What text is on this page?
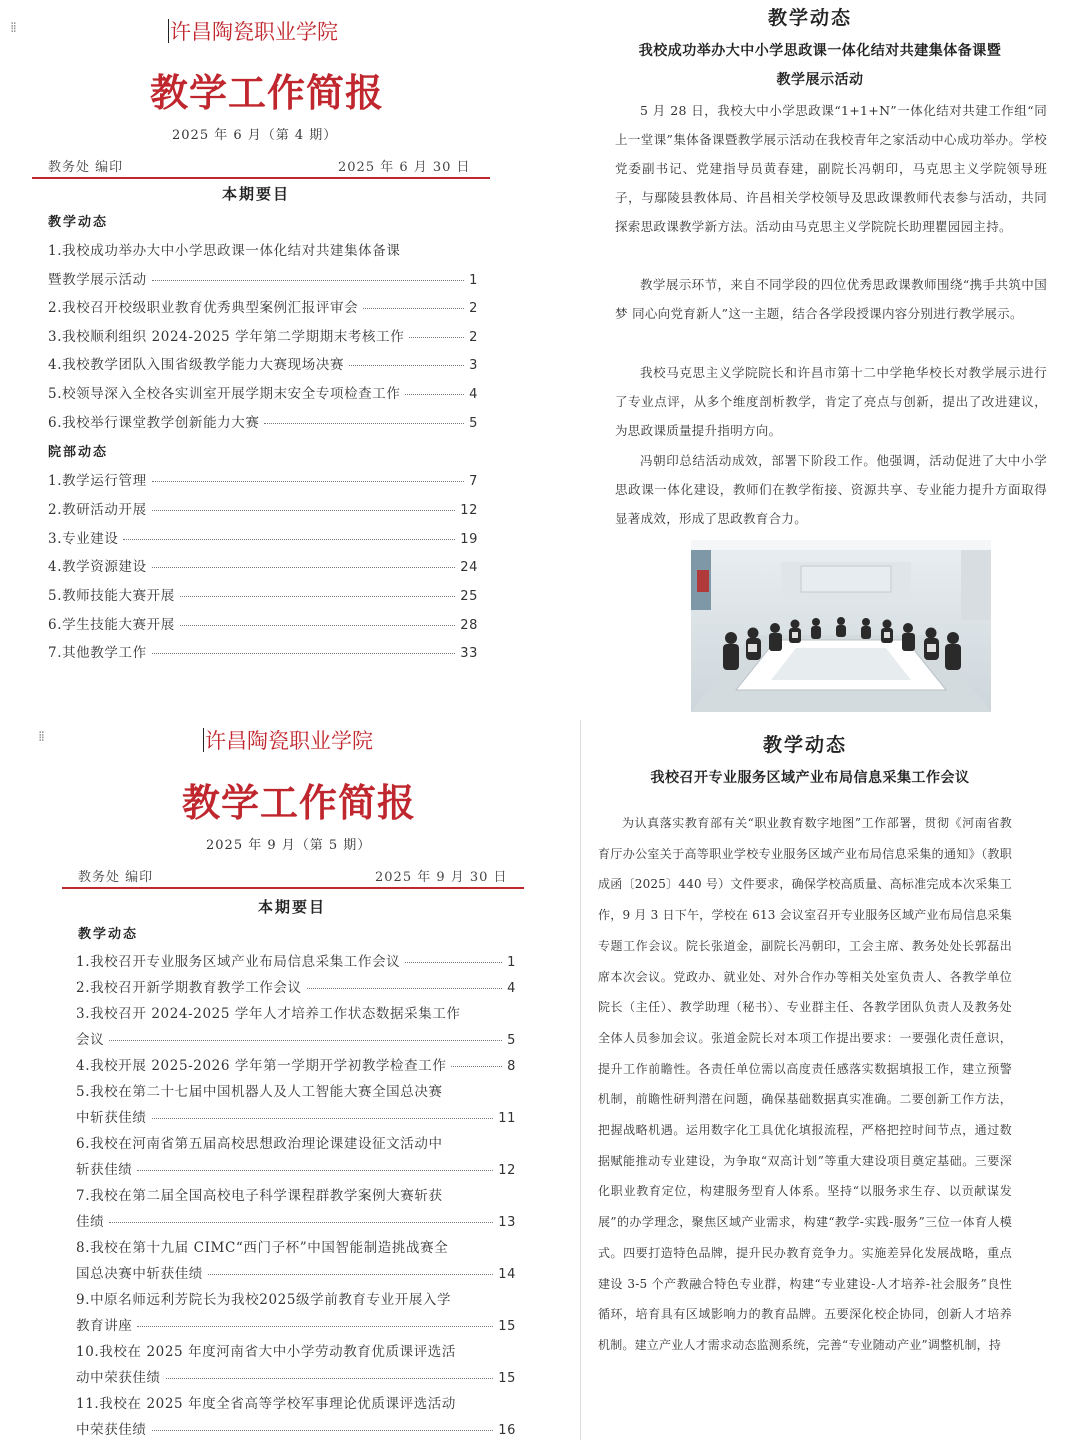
⁞⁞	许昌陶瓷职业学院
教学工作简报
2025 年 6 月（第 4 期）
教务处 编印	2025 年 6 月 30 日
本期要目
教学动态
1.我校成功举办大中小学思政课一体化结对共建集体备课
暨教学展示活动	1
2.我校召开校级职业教育优秀典型案例汇报评审会	2
3.我校顺利组织 2024-2025 学年第二学期期末考核工作	2
4.我校教学团队入围省级教学能力大赛现场决赛	3
5.校领导深入全校各实训室开展学期末安全专项检查工作	4
6.我校举行课堂教学创新能力大赛	5
院部动态
1.教学运行管理	7
2.教研活动开展	12
3.专业建设	19
4.教学资源建设	24
5.教师技能大赛开展	25
6.学生技能大赛开展	28
7.其他教学工作	33
教学动态
我校成功举办大中小学思政课一体化结对共建集体备课暨
教学展示活动
5 月 28 日，我校大中小学思政课“1+1+N”一体化结对共建工作组“同上一堂课”集体备课暨教学展示活动在我校青年之家活动中心成功举办。学校党委副书记、党建指导员黄春建，副院长冯朝印，马克思主义学院领导班子，与鄢陵县教体局、许昌相关学校领导及思政课教师代表参与活动，共同探索思政课教学新方法。活动由马克思主义学院院长助理瞿园园主持。
教学展示环节，来自不同学段的四位优秀思政课教师围绕“携手共筑中国梦 同心向党育新人”这一主题，结合各学段授课内容分别进行教学展示。
我校马克思主义学院院长和许昌市第十二中学艳华校长对教学展示进行了专业点评，从多个维度剖析教学，肯定了亮点与创新，提出了改进建议，为思政课质量提升指明方向。
冯朝印总结活动成效，部署下阶段工作。他强调，活动促进了大中小学思政课一体化建设，教师们在教学衔接、资源共享、专业能力提升方面取得显著成效，形成了思政教育合力。
⁞⁞	许昌陶瓷职业学院
教学工作简报
2025 年 9 月（第 5 期）
教务处 编印	2025 年 9 月 30 日
本期要目
教学动态
1.我校召开专业服务区域产业布局信息采集工作会议	1
2.我校召开新学期教育教学工作会议	4
3.我校召开 2024-2025 学年人才培养工作状态数据采集工作
会议	5
4.我校开展 2025-2026 学年第一学期开学初教学检查工作	8
5.我校在第二十七届中国机器人及人工智能大赛全国总决赛
中斩获佳绩	11
6.我校在河南省第五届高校思想政治理论课建设征文活动中
斩获佳绩	12
7.我校在第二届全国高校电子科学课程群教学案例大赛斩获
佳绩	13
8.我校在第十九届 CIMC“西门子杯”中国智能制造挑战赛全
国总决赛中斩获佳绩	14
9.中原名师远利芳院长为我校2025级学前教育专业开展入学
教育讲座	15
10.我校在 2025 年度河南省大中小学劳动教育优质课评选活
动中荣获佳绩	15
11.我校在 2025 年度全省高等学校军事理论优质课评选活动
中荣获佳绩	16
教学动态
我校召开专业服务区域产业布局信息采集工作会议
为认真落实教育部有关“职业教育数字地图”工作部署，贯彻《河南省教育厅办公室关于高等职业学校专业服务区域产业布局信息采集的通知》（教职成函〔2025〕440 号）文件要求，确保学校高质量、高标准完成本次采集工作，9 月 3 日下午，学校在 613 会议室召开专业服务区域产业布局信息采集专题工作会议。院长张道金，副院长冯朝印，工会主席、教务处处长郭磊出席本次会议。党政办、就业处、对外合作办等相关处室负责人、各教学单位院长（主任）、教学助理（秘书）、专业群主任、各教学团队负责人及教务处全体人员参加会议。张道金院长对本项工作提出要求：一要强化责任意识，提升工作前瞻性。各责任单位需以高度责任感落实数据填报工作，建立预警机制，前瞻性研判潜在问题，确保基础数据真实准确。二要创新工作方法，把握战略机遇。运用数字化工具优化填报流程，严格把控时间节点，通过数据赋能推动专业建设，为争取“双高计划”等重大建设项目奠定基础。三要深化职业教育定位，构建服务型育人体系。坚持“以服务求生存、以贡献谋发展”的办学理念，聚焦区域产业需求，构建“教学-实践-服务”三位一体育人模式。四要打造特色品牌，提升民办教育竞争力。实施差异化发展战略，重点建设 3-5 个产教融合特色专业群，构建“专业建设-人才培养-社会服务”良性循环，培育具有区域影响力的教育品牌。五要深化校企协同，创新人才培养机制。建立产业人才需求动态监测系统，完善“专业随动产业”调整机制，持
